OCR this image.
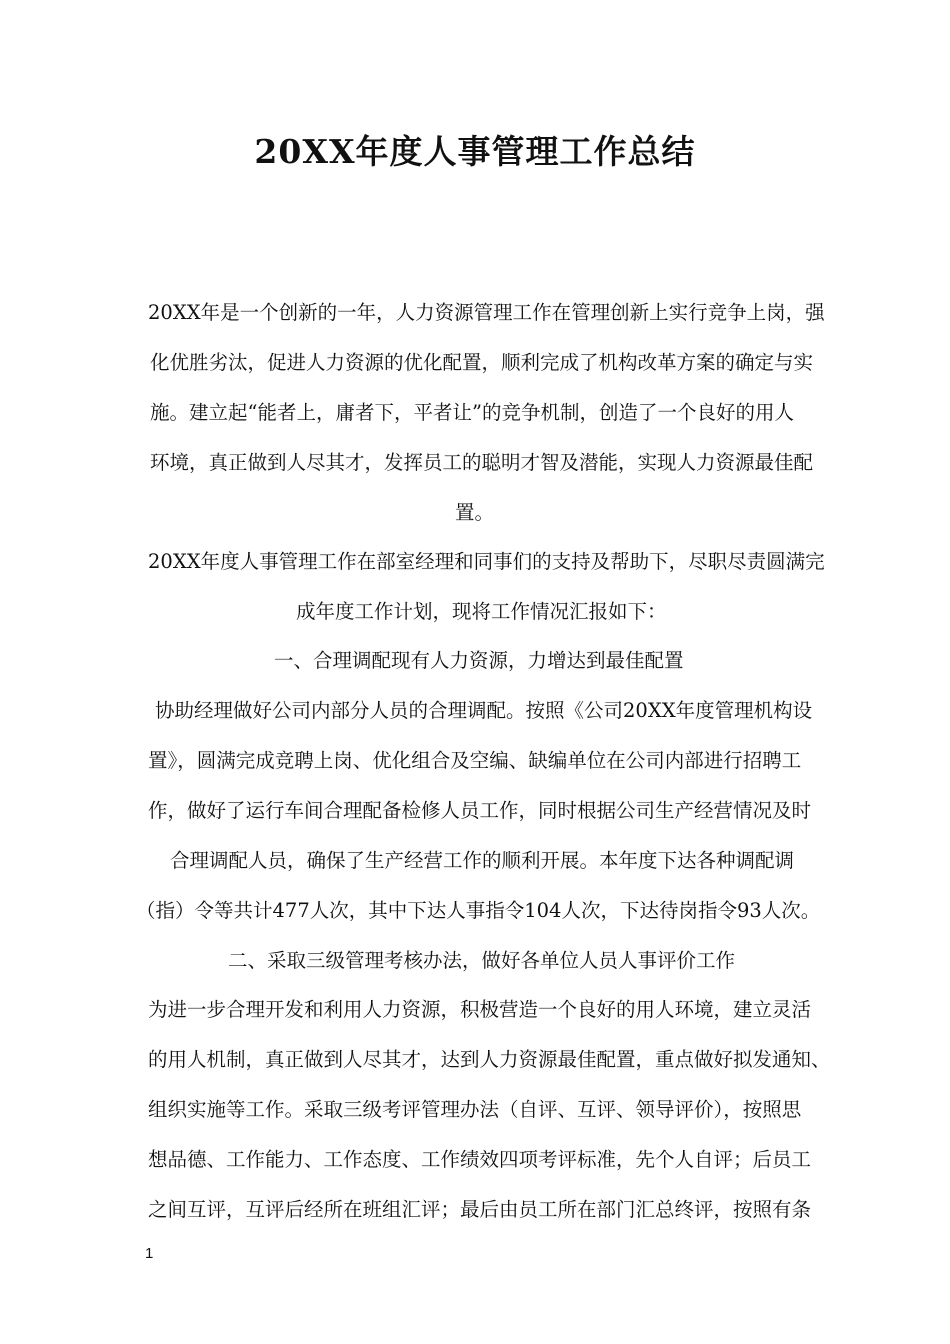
20XX年度人事管理工作总结
20XX年是一个创新的一年，人力资源管理工作在管理创新上实行竞争上岗，强
化优胜劣汰，促进人力资源的优化配置，顺利完成了机构改革方案的确定与实
施。建立起“能者上，庸者下，平者让”的竞争机制，创造了一个良好的用人
环境，真正做到人尽其才，发挥员工的聪明才智及潜能，实现人力资源最佳配
置。
20XX年度人事管理工作在部室经理和同事们的支持及帮助下，尽职尽责圆满完
成年度工作计划，现将工作情况汇报如下：
一、合理调配现有人力资源，力增达到最佳配置
协助经理做好公司内部分人员的合理调配。按照《公司20XX年度管理机构设
置》，圆满完成竞聘上岗、优化组合及空编、缺编单位在公司内部进行招聘工
作，做好了运行车间合理配备检修人员工作，同时根据公司生产经营情况及时
合理调配人员，确保了生产经营工作的顺利开展。本年度下达各种调配调
（指）令等共计477人次，其中下达人事指令104人次，下达待岗指令93人次。
二、采取三级管理考核办法，做好各单位人员人事评价工作
为进一步合理开发和利用人力资源，积极营造一个良好的用人环境，建立灵活
的用人机制，真正做到人尽其才，达到人力资源最佳配置，重点做好拟发通知、
组织实施等工作。采取三级考评管理办法（自评、互评、领导评价），按照思
想品德、工作能力、工作态度、工作绩效四项考评标准，先个人自评；后员工
之间互评，互评后经所在班组汇评；最后由员工所在部门汇总终评，按照有条
1
